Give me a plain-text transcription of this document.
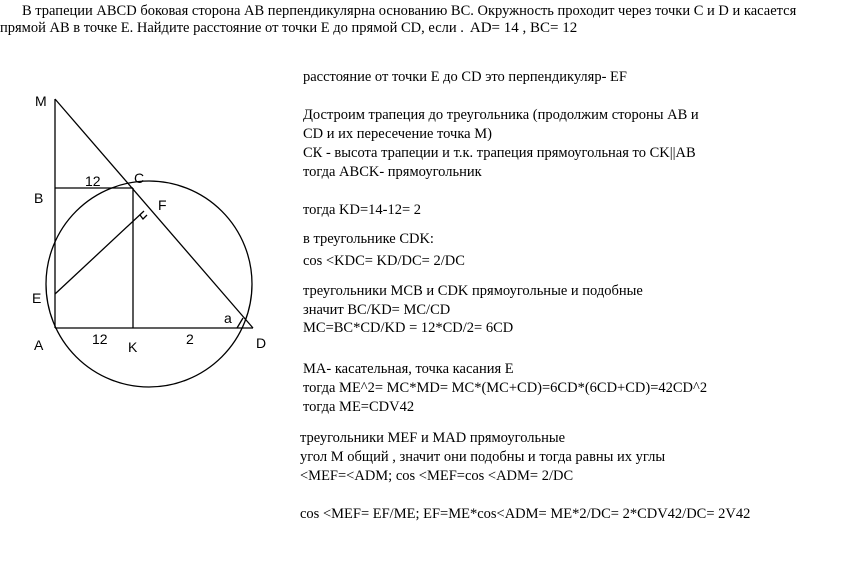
В трапеции ABCD боковая сторона AB перпендикулярна основанию BC. Окружность проходит через точки C и D и касается
прямой AB в точке E. Найдите расстояние от точки E до прямой CD, если . AD= 14 , BC= 12
M
B
C
F
E
A	K	D
12
12	2
a
расстояние от точки E до CD это перпендикуляр- EF
Достроим трапеция до треугольника (продолжим стороны АВ и
CD и их пересечение точка М)
СК - высота трапеции и т.к. трапеция прямоугольная то CK||AB
тогда ABCK- прямоугольник
тогда KD=14-12= 2
в треугольнике CDK:
cos <KDC= KD/DC= 2/DC
треугольники MCB и CDK прямоугольные и подобные
значит BC/KD= MC/CD
MC=BC*CD/KD = 12*CD/2= 6CD
MA- касательная, точка касания E
тогда ME^2= MC*MD= MC*(MC+CD)=6CD*(6CD+CD)=42CD^2
тогда ME=CDV42
треугольники MEF и MAD прямоугольные
угол М общий , значит они подобны и тогда равны их углы
<MEF=<ADM; cos <MEF=cos <ADM= 2/DC
cos <MEF= EF/ME; EF=ME*cos<ADM= ME*2/DC= 2*CDV42/DC= 2V42
